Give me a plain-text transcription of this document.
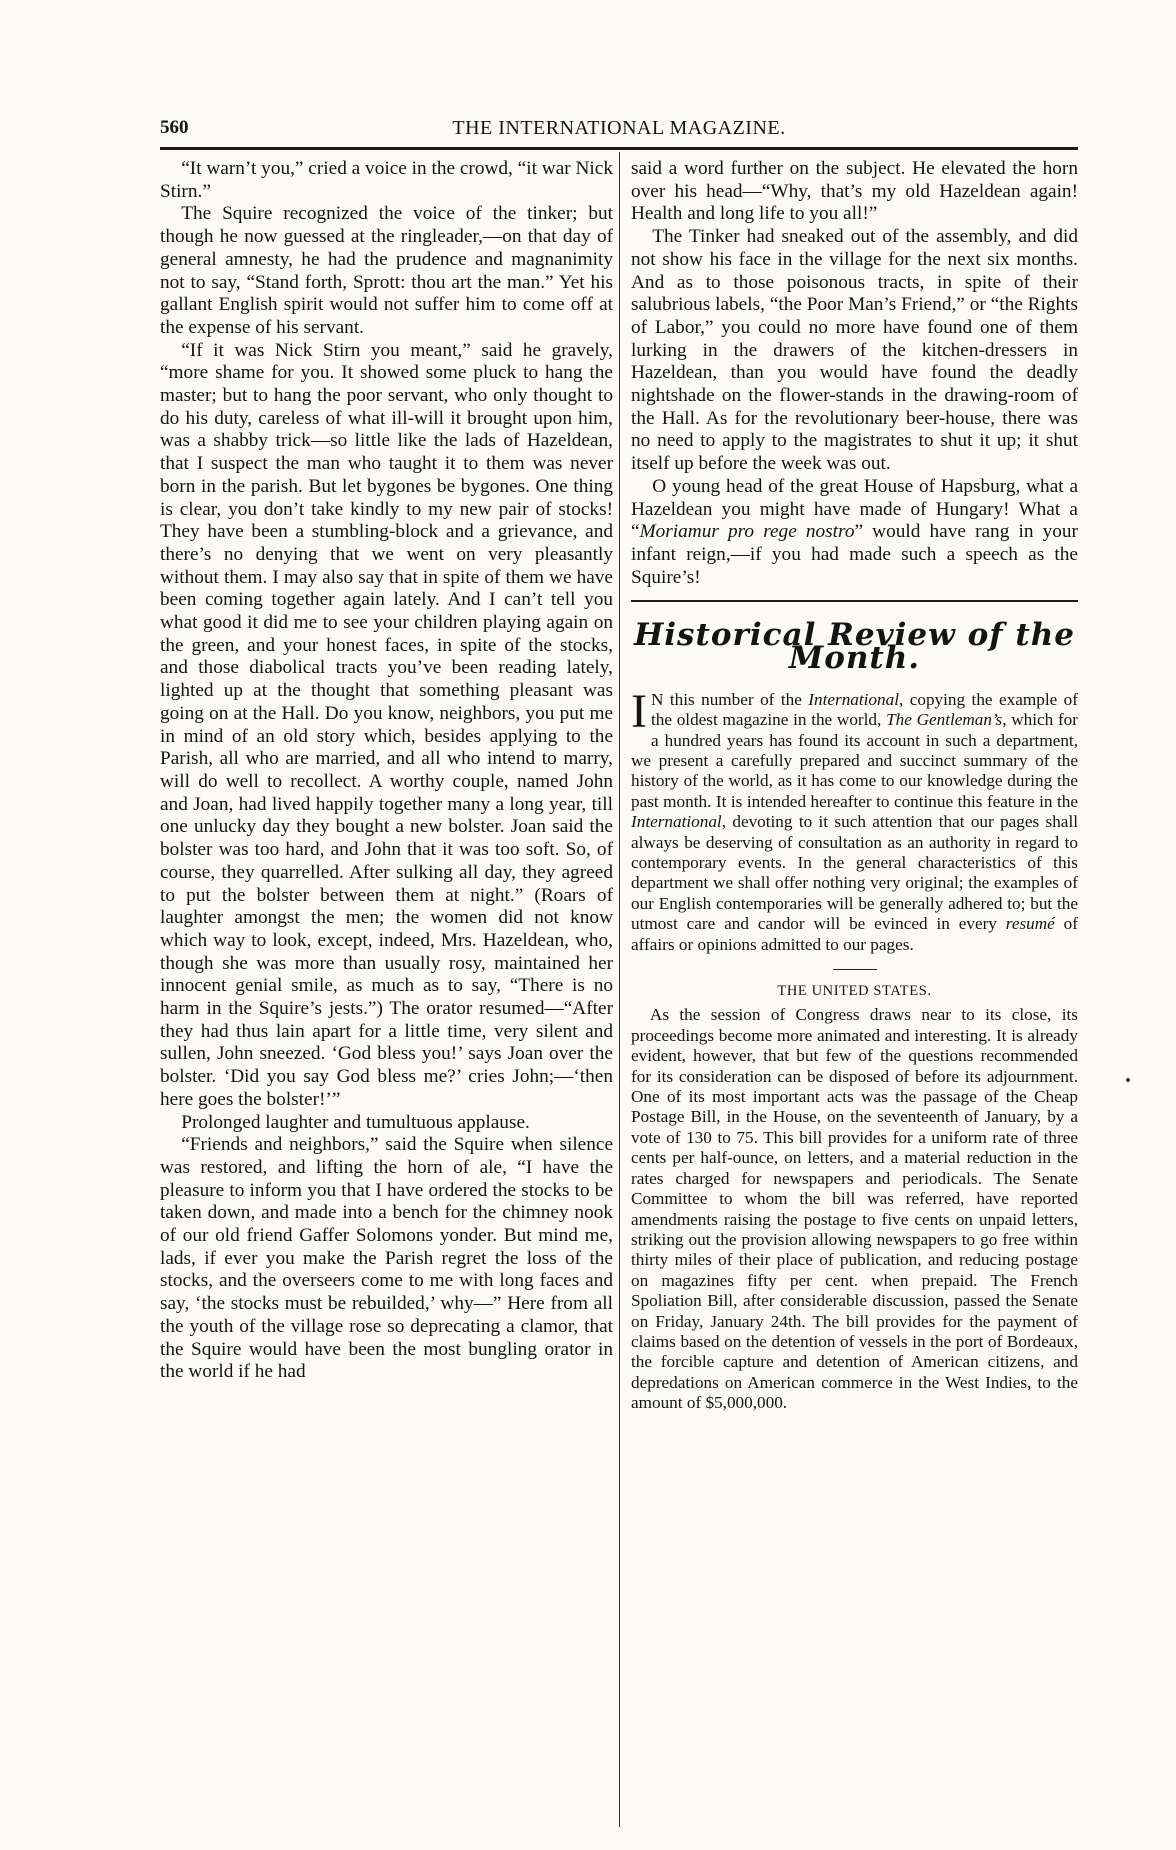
560	THE INTERNATIONAL MAGAZINE.

“It warn’t you,” cried a voice in the crowd, “it war Nick Stirn.”

The Squire recognized the voice of the tinker; but though he now guessed at the ringleader,—on that day of general amnesty, he had the prudence and magnanimity not to say, “Stand forth, Sprott: thou art the man.” Yet his gallant English spirit would not suffer him to come off at the expense of his servant.

“If it was Nick Stirn you meant,” said he gravely, “more shame for you. It showed some pluck to hang the master; but to hang the poor servant, who only thought to do his duty, careless of what ill-will it brought upon him, was a shabby trick—so little like the lads of Hazeldean, that I suspect the man who taught it to them was never born in the parish. But let bygones be bygones. One thing is clear, you don’t take kindly to my new pair of stocks! They have been a stumbling-block and a grievance, and there’s no denying that we went on very pleasantly without them. I may also say that in spite of them we have been coming together again lately. And I can’t tell you what good it did me to see your children playing again on the green, and your honest faces, in spite of the stocks, and those diabolical tracts you’ve been reading lately, lighted up at the thought that something pleasant was going on at the Hall. Do you know, neighbors, you put me in mind of an old story which, besides applying to the Parish, all who are married, and all who intend to marry, will do well to recollect. A worthy couple, named John and Joan, had lived happily together many a long year, till one unlucky day they bought a new bolster. Joan said the bolster was too hard, and John that it was too soft. So, of course, they quarrelled. After sulking all day, they agreed to put the bolster between them at night.” (Roars of laughter amongst the men; the women did not know which way to look, except, indeed, Mrs. Hazeldean, who, though she was more than usually rosy, maintained her innocent genial smile, as much as to say, “There is no harm in the Squire’s jests.”) The orator resumed—“After they had thus lain apart for a little time, very silent and sullen, John sneezed. ‘God bless you!’ says Joan over the bolster. ‘Did you say God bless me?’ cries John;—‘then here goes the bolster!’”

Prolonged laughter and tumultuous applause.

“Friends and neighbors,” said the Squire when silence was restored, and lifting the horn of ale, “I have the pleasure to inform you that I have ordered the stocks to be taken down, and made into a bench for the chimney nook of our old friend Gaffer Solomons yonder. But mind me, lads, if ever you make the Parish regret the loss of the stocks, and the overseers come to me with long faces and say, ‘the stocks must be rebuilded,’ why—” Here from all the youth of the village rose so deprecating a clamor, that the Squire would have been the most bungling orator in the world if he had

said a word further on the subject. He elevated the horn over his head—“Why, that’s my old Hazeldean again! Health and long life to you all!”

The Tinker had sneaked out of the assembly, and did not show his face in the village for the next six months. And as to those poisonous tracts, in spite of their salubrious labels, “the Poor Man’s Friend,” or “the Rights of Labor,” you could no more have found one of them lurking in the drawers of the kitchen-dressers in Hazeldean, than you would have found the deadly nightshade on the flower-stands in the drawing-room of the Hall. As for the revolutionary beer-house, there was no need to apply to the magistrates to shut it up; it shut itself up before the week was out.

O young head of the great House of Hapsburg, what a Hazeldean you might have made of Hungary! What a “Moriamur pro rege nostro” would have rang in your infant reign,—if you had made such a speech as the Squire’s!

Historical Review of the Month.

I N this number of the International, copying the example of the oldest magazine in the world, The Gentleman’s, which for a hundred years has found its account in such a department, we present a carefully prepared and succinct summary of the history of the world, as it has come to our knowledge during the past month. It is intended hereafter to continue this feature in the International, devoting to it such attention that our pages shall always be deserving of consultation as an authority in regard to contemporary events. In the general characteristics of this department we shall offer nothing very original; the examples of our English contemporaries will be generally adhered to; but the utmost care and candor will be evinced in every resumé of affairs or opinions admitted to our pages.

THE UNITED STATES.

As the session of Congress draws near to its close, its proceedings become more animated and interesting. It is already evident, however, that but few of the questions recommended for its consideration can be disposed of before its adjournment. One of its most important acts was the passage of the Cheap Postage Bill, in the House, on the seventeenth of January, by a vote of 130 to 75. This bill provides for a uniform rate of three cents per half-ounce, on letters, and a material reduction in the rates charged for newspapers and periodicals. The Senate Committee to whom the bill was referred, have reported amendments raising the postage to five cents on unpaid letters, striking out the provision allowing newspapers to go free within thirty miles of their place of publication, and reducing postage on magazines fifty per cent. when prepaid. The French Spoliation Bill, after considerable discussion, passed the Senate on Friday, January 24th. The bill provides for the payment of claims based on the detention of vessels in the port of Bordeaux, the forcible capture and detention of American citizens, and depredations on American commerce in the West Indies, to the amount of $5,000,000.
